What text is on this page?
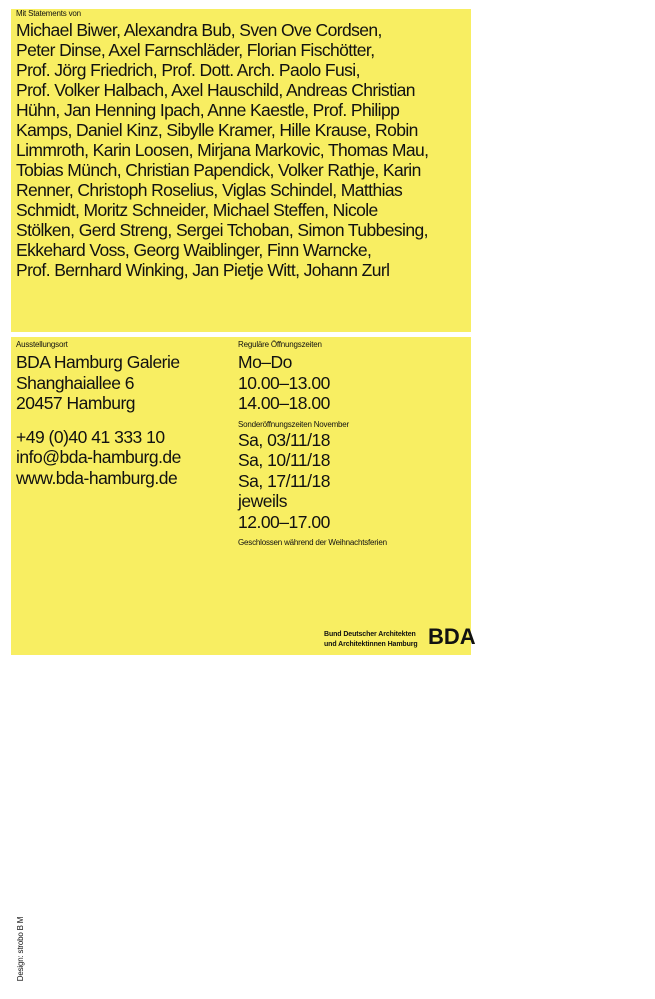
Mit Statements von
Michael Biwer, Alexandra Bub, Sven Ove Cordsen,
Peter Dinse, Axel Farnschläder, Florian Fischötter,
Prof. Jörg Friedrich, Prof. Dott. Arch. Paolo Fusi,
Prof. Volker Halbach, Axel Hauschild, Andreas Christian
Hühn, Jan Henning Ipach, Anne Kaestle, Prof. Philipp
Kamps, Daniel Kinz, Sibylle Kramer, Hille Krause, Robin
Limmroth, Karin Loosen, Mirjana Markovic, Thomas Mau,
Tobias Münch, Christian Papendick, Volker Rathje, Karin
Renner, Christoph Roselius, Viglas Schindel, Matthias
Schmidt, Moritz Schneider, Michael Steffen, Nicole
Stölken, Gerd Streng, Sergei Tchoban, Simon Tubbesing,
Ekkehard Voss, Georg Waiblinger, Finn Warncke,
Prof. Bernhard Winking, Jan Pietje Witt, Johann Zurl
Ausstellungsort
BDA Hamburg Galerie
Shanghaiallee 6
20457 Hamburg
+49 (0)40 41 333 10
info@bda-hamburg.de
www.bda-hamburg.de
Reguläre Öffnungszeiten
Mo–Do
10.00–13.00
14.00–18.00
Sonderöffnungszeiten November
Sa, 03/11/18
Sa, 10/11/18
Sa, 17/11/18
jeweils
12.00–17.00
Geschlossen während der Weihnachtsferien
Design: strobo B M
Bund Deutscher Architekten
und Architektinnen Hamburg BDA
